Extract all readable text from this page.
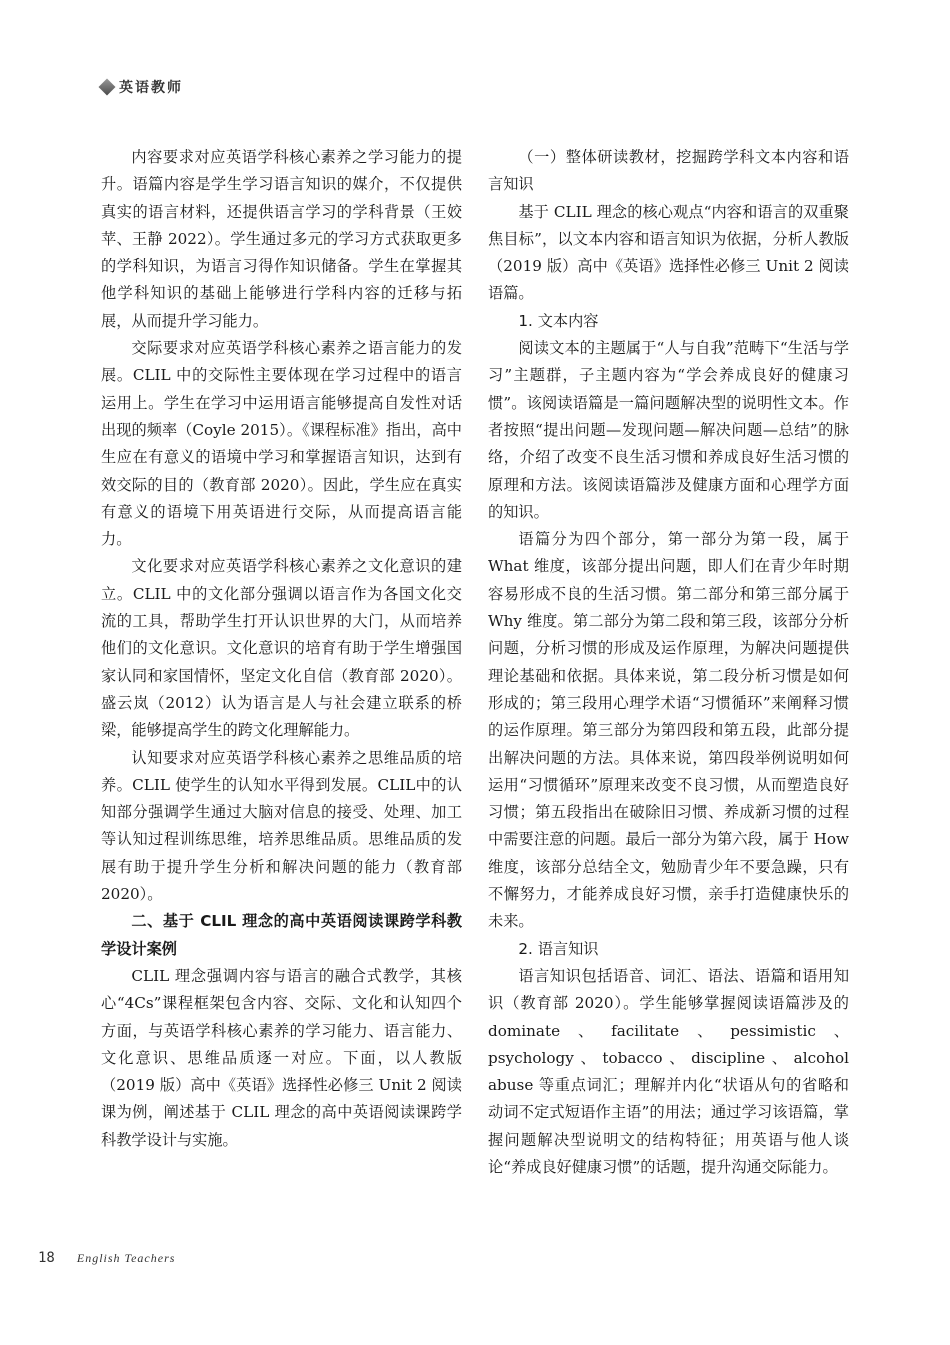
英语教师

内容要求对应英语学科核心素养之学习能力的提升。语篇内容是学生学习语言知识的媒介，不仅提供真实的语言材料，还提供语言学习的学科背景（王姣苹、王静 2022）。学生通过多元的学习方式获取更多的学科知识，为语言习得作知识储备。学生在掌握其他学科知识的基础上能够进行学科内容的迁移与拓展，从而提升学习能力。

交际要求对应英语学科核心素养之语言能力的发展。CLIL 中的交际性主要体现在学习过程中的语言运用上。学生在学习中运用语言能够提高自发性对话出现的频率（Coyle 2015）。《课程标准》指出，高中生应在有意义的语境中学习和掌握语言知识，达到有效交际的目的（教育部 2020）。因此，学生应在真实有意义的语境下用英语进行交际，从而提高语言能力。

文化要求对应英语学科核心素养之文化意识的建立。CLIL 中的文化部分强调以语言作为各国文化交流的工具，帮助学生打开认识世界的大门，从而培养他们的文化意识。文化意识的培育有助于学生增强国家认同和家国情怀，坚定文化自信（教育部 2020）。盛云岚（2012）认为语言是人与社会建立联系的桥梁，能够提高学生的跨文化理解能力。

认知要求对应英语学科核心素养之思维品质的培养。CLIL 使学生的认知水平得到发展。CLIL中的认知部分强调学生通过大脑对信息的接受、处理、加工等认知过程训练思维，培养思维品质。思维品质的发展有助于提升学生分析和解决问题的能力（教育部 2020）。

二、基于 CLIL 理念的高中英语阅读课跨学科教学设计案例

CLIL 理念强调内容与语言的融合式教学，其核心“4Cs”课程框架包含内容、交际、文化和认知四个方面，与英语学科核心素养的学习能力、语言能力、文化意识、思维品质逐一对应。下面，以人教版（2019 版）高中《英语》选择性必修三 Unit 2 阅读课为例，阐述基于 CLIL 理念的高中英语阅读课跨学科教学设计与实施。

（一）整体研读教材，挖掘跨学科文本内容和语言知识

基于 CLIL 理念的核心观点“内容和语言的双重聚焦目标”，以文本内容和语言知识为依据，分析人教版（2019 版）高中《英语》选择性必修三 Unit 2 阅读语篇。

1. 文本内容

阅读文本的主题属于“人与自我”范畴下“生活与学习”主题群，子主题内容为“学会养成良好的健康习惯”。该阅读语篇是一篇问题解决型的说明性文本。作者按照“提出问题—发现问题—解决问题—总结”的脉络，介绍了改变不良生活习惯和养成良好生活习惯的原理和方法。该阅读语篇涉及健康方面和心理学方面的知识。

语篇分为四个部分，第一部分为第一段，属于 What 维度，该部分提出问题，即人们在青少年时期容易形成不良的生活习惯。第二部分和第三部分属于 Why 维度。第二部分为第二段和第三段，该部分分析问题，分析习惯的形成及运作原理，为解决问题提供理论基础和依据。具体来说，第二段分析习惯是如何形成的；第三段用心理学术语“习惯循环”来阐释习惯的运作原理。第三部分为第四段和第五段，此部分提出解决问题的方法。具体来说，第四段举例说明如何运用“习惯循环”原理来改变不良习惯，从而塑造良好习惯；第五段指出在破除旧习惯、养成新习惯的过程中需要注意的问题。最后一部分为第六段，属于 How 维度，该部分总结全文，勉励青少年不要急躁，只有不懈努力，才能养成良好习惯，亲手打造健康快乐的未来。

2. 语言知识

语言知识包括语音、词汇、语法、语篇和语用知识（教育部 2020）。学生能够掌握阅读语篇涉及的 dominate、facilitate、pessimistic、psychology、tobacco、discipline、alcohol abuse 等重点词汇；理解并内化“状语从句的省略和动词不定式短语作主语”的用法；通过学习该语篇，掌握问题解决型说明文的结构特征；用英语与他人谈论“养成良好健康习惯”的话题，提升沟通交际能力。

18 English Teachers
